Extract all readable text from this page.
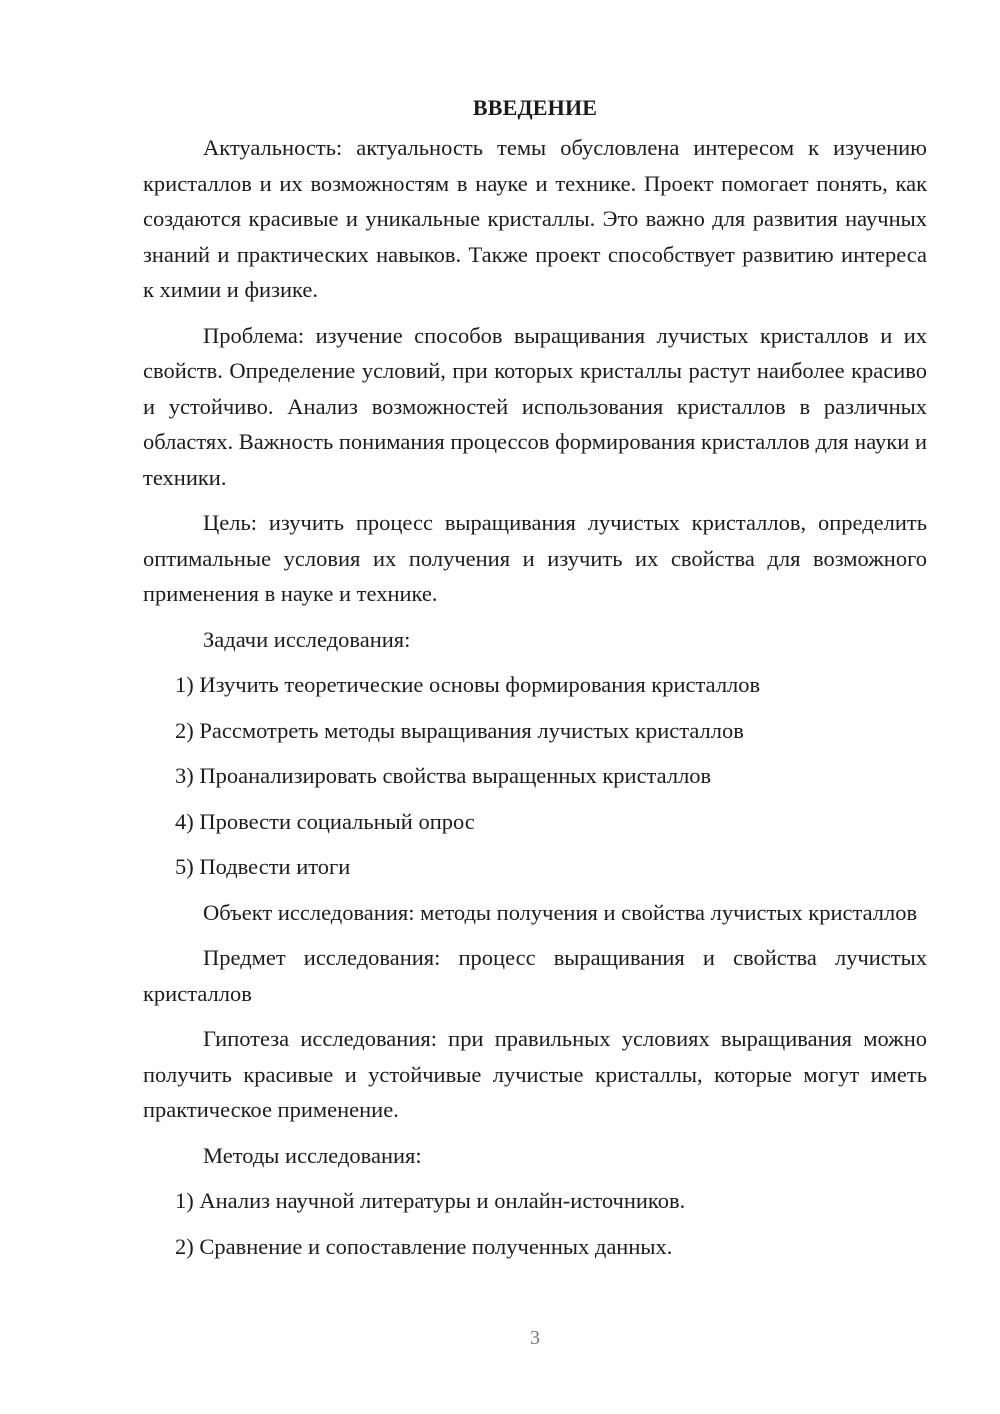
ВВЕДЕНИЕ

Актуальность: актуальность темы обусловлена интересом к изучению кристаллов и их возможностям в науке и технике. Проект помогает понять, как создаются красивые и уникальные кристаллы. Это важно для развития научных знаний и практических навыков. Также проект способствует развитию интереса к химии и физике.

Проблема: изучение способов выращивания лучистых кристаллов и их свойств. Определение условий, при которых кристаллы растут наиболее красиво и устойчиво. Анализ возможностей использования кристаллов в различных областях. Важность понимания процессов формирования кристаллов для науки и техники.

Цель: изучить процесс выращивания лучистых кристаллов, определить оптимальные условия их получения и изучить их свойства для возможного применения в науке и технике.

Задачи исследования:

1) Изучить теоретические основы формирования кристаллов

2) Рассмотреть методы выращивания лучистых кристаллов

3) Проанализировать свойства выращенных кристаллов

4) Провести социальный опрос

5) Подвести итоги

Объект исследования: методы получения и свойства лучистых кристаллов

Предмет исследования: процесс выращивания и свойства лучистых кристаллов

Гипотеза исследования: при правильных условиях выращивания можно получить красивые и устойчивые лучистые кристаллы, которые могут иметь практическое применение.

Методы исследования:

1) Анализ научной литературы и онлайн-источников.

2) Сравнение и сопоставление полученных данных.

3
